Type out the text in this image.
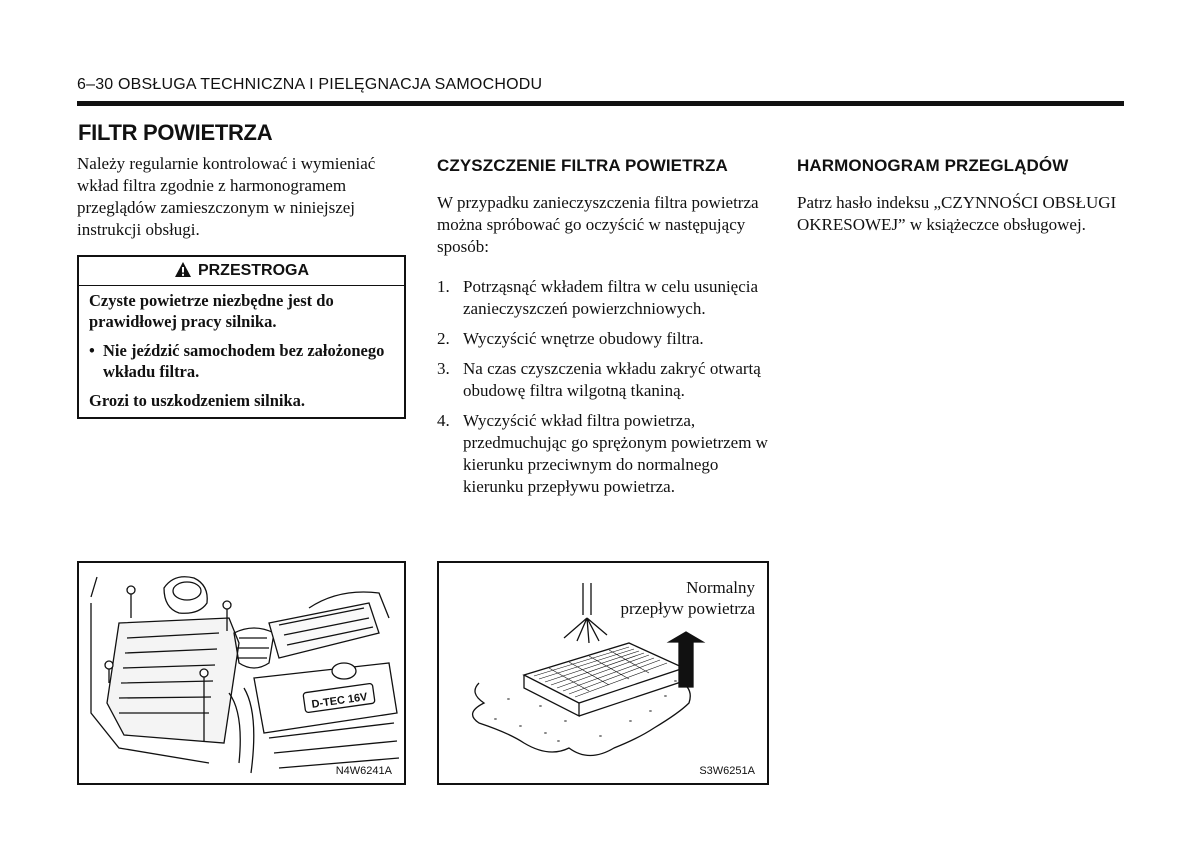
6–30 OBSŁUGA TECHNICZNA I PIELĘGNACJA SAMOCHODU
FILTR POWIETRZA

Należy regularnie kontrolować i wymieniać wkład filtra zgodnie z harmonogramem przeglądów zamieszczonym w niniejszej instrukcji obsługi.

PRZESTROGA

Czyste powietrze niezbędne jest do prawidłowej pracy silnika.

• Nie jeździć samochodem bez założonego wkładu filtra.

Grozi to uszkodzeniem silnika.

CZYSZCZENIE FILTRA POWIETRZA

W przypadku zanieczyszczenia filtra powietrza można spróbować go oczyścić w następujący sposób:

1. Potrząsnąć wkładem filtra w celu usunięcia zanieczyszczeń powierzchniowych.
2. Wyczyścić wnętrze obudowy filtra.
3. Na czas czyszczenia wkładu zakryć otwartą obudowę filtra wilgotną tkaniną.
4. Wyczyścić wkład filtra powietrza, przedmuchując go sprężonym powietrzem w kierunku przeciwnym do normalnego kierunku przepływu powietrza.
HARMONOGRAM PRZEGLĄDÓW

Patrz hasło indeksu „CZYNNOŚCI OBSŁUGI OKRESOWEJ” w książeczce obsługowej.

D-TEC 16V
N4W6241A
=
=
=
=
=
=
=
=
=
=
=
=
Normalny
przepływ powietrza
S3W6251A
